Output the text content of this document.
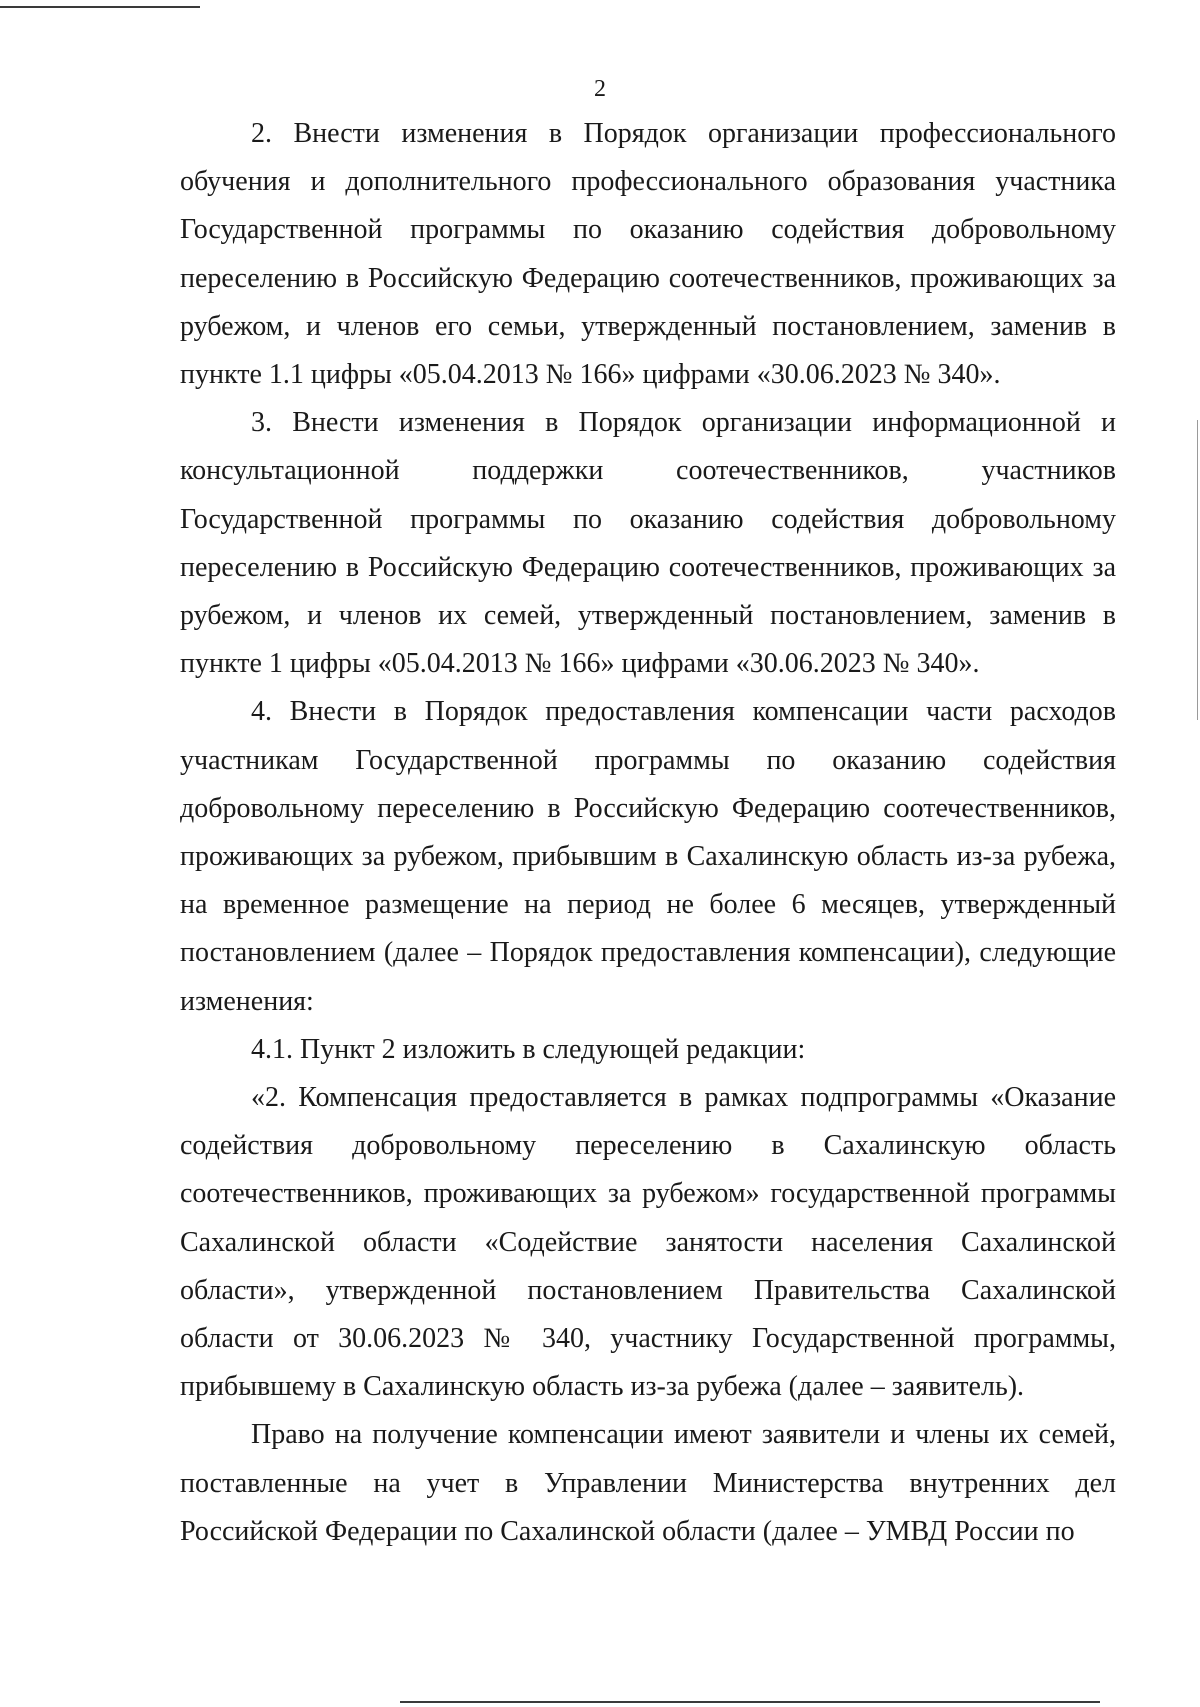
2

2. Внести изменения в Порядок организации профессионального обучения и дополнительного профессионального образования участника Государственной программы по оказанию содействия добровольному переселению в Российскую Федерацию соотечественников, проживающих за рубежом, и членов его семьи, утвержденный постановлением, заменив в пункте 1.1 цифры «05.04.2013 № 166» цифрами «30.06.2023 № 340».

3. Внести изменения в Порядок организации информационной и консультационной поддержки соотечественников, участников Государственной программы по оказанию содействия добровольному переселению в Российскую Федерацию соотечественников, проживающих за рубежом, и членов их семей, утвержденный постановлением, заменив в пункте 1 цифры «05.04.2013 № 166» цифрами «30.06.2023 № 340».

4. Внести в Порядок предоставления компенсации части расходов участникам Государственной программы по оказанию содействия добровольному переселению в Российскую Федерацию соотечественников, проживающих за рубежом, прибывшим в Сахалинскую область из-за рубежа, на временное размещение на период не более 6 месяцев, утвержденный постановлением (далее – Порядок предоставления компенсации), следующие изменения:

4.1. Пункт 2 изложить в следующей редакции:

«2. Компенсация предоставляется в рамках подпрограммы «Оказание содействия добровольному переселению в Сахалинскую область соотечественников, проживающих за рубежом» государственной программы Сахалинской области «Содействие занятости населения Сахалинской области», утвержденной постановлением Правительства Сахалинской области от 30.06.2023 № 340, участнику Государственной программы, прибывшему в Сахалинскую область из-за рубежа (далее – заявитель).

Право на получение компенсации имеют заявители и члены их семей, поставленные на учет в Управлении Министерства внутренних дел Российской Федерации по Сахалинской области (далее – УМВД России по
